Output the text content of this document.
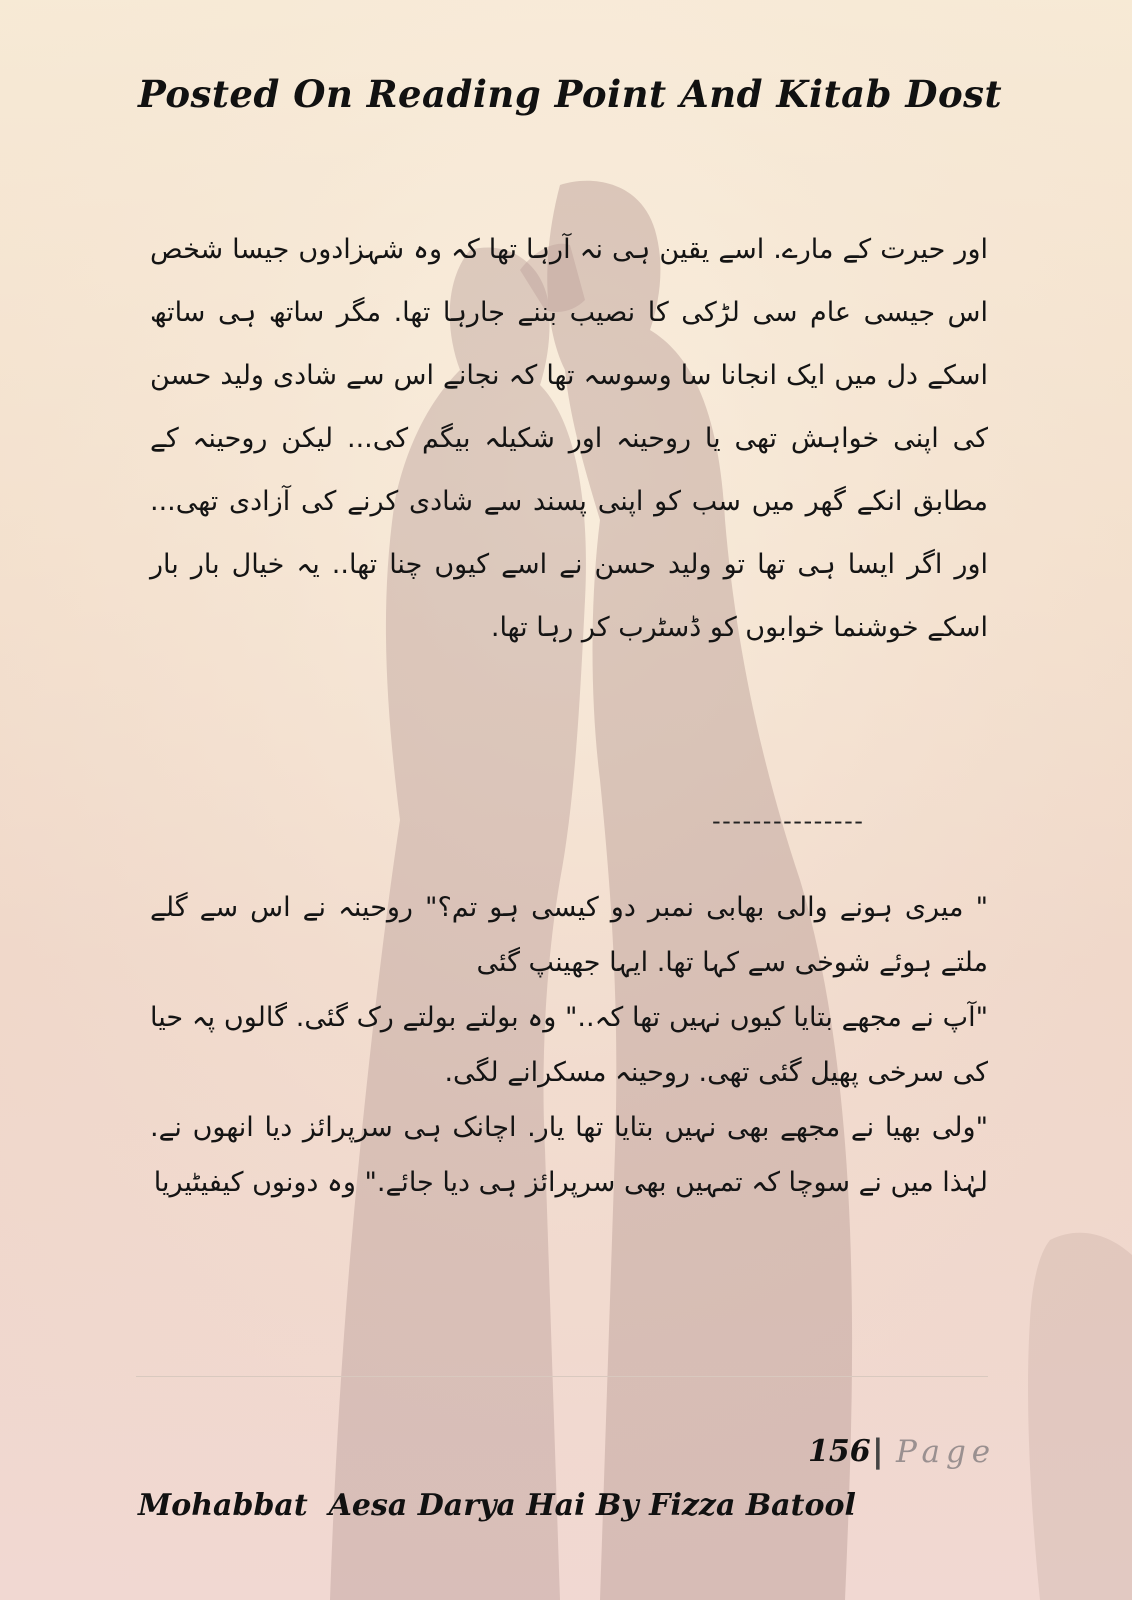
Posted On Reading Point And Kitab Dost
اور حیرت کے مارے. اسے یقین ہی نہ آرہا تھا کہ وہ شہزادوں جیسا شخص اس جیسی عام سی لڑکی کا نصیب بننے جارہا تھا. مگر ساتھ ہی ساتھ اسکے دل میں ایک انجانا سا وسوسہ تھا کہ نجانے اس سے شادی ولید حسن کی اپنی خواہش تھی یا روحینہ اور شکیلہ بیگم کی... لیکن روحینہ کے مطابق انکے گھر میں سب کو اپنی پسند سے شادی کرنے کی آزادی تھی... اور اگر ایسا ہی تھا تو ولید حسن نے اسے کیوں چنا تھا.. یہ خیال بار بار اسکے خوشنما خوابوں کو ڈسٹرب کر رہا تھا.
---------------

" میری ہونے والی بھابی نمبر دو کیسی ہو تم؟" روحینہ نے اس سے گلے ملتے ہوئے شوخی سے کہا تھا. ایہا جھینپ گئی

"آپ نے مجھے بتایا کیوں نہیں تھا کہ.." وہ بولتے بولتے رک گئی. گالوں پہ حیا کی سرخی پھیل گئی تھی. روحینہ مسکرانے لگی.

"ولی بھیا نے مجھے بھی نہیں بتایا تھا یار. اچانک ہی سرپرائز دیا انھوں نے. لہٰذا میں نے سوچا کہ تمہیں بھی سرپرائز ہی دیا جائے." وہ دونوں کیفیٹیریا

156 | Page
Mohabbat  Aesa Darya Hai By Fizza Batool
